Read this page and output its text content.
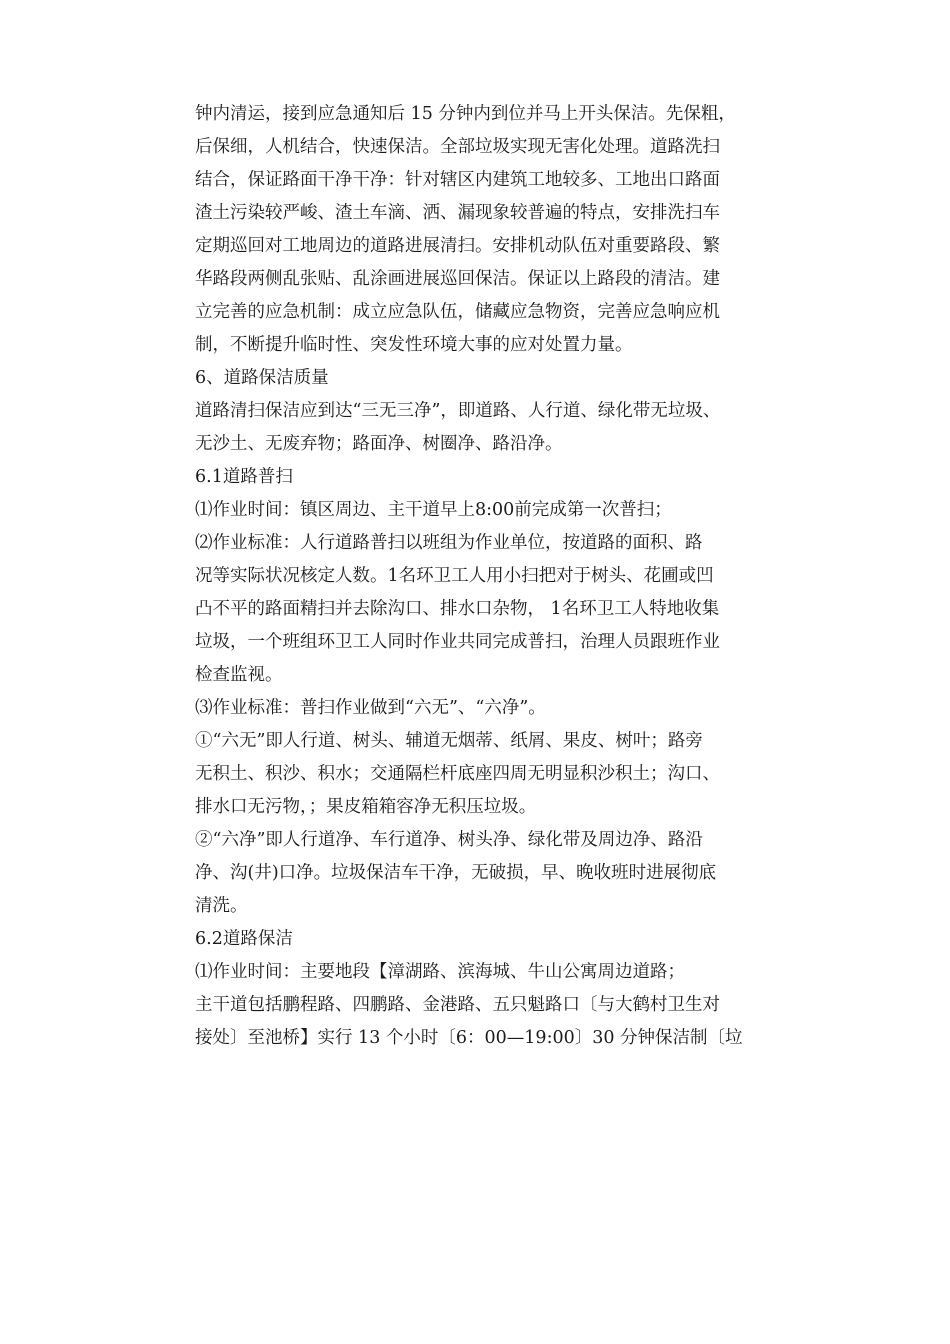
钟内清运，接到应急通知后 15 分钟内到位并马上开头保洁。先保粗，
后保细，人机结合，快速保洁。全部垃圾实现无害化处理。道路洗扫
结合，保证路面干净干净：针对辖区内建筑工地较多、工地出口路面
渣土污染较严峻、渣土车滴、洒、漏现象较普遍的特点，安排洗扫车
定期巡回对工地周边的道路进展清扫。安排机动队伍对重要路段、繁
华路段两侧乱张贴、乱涂画进展巡回保洁。保证以上路段的清洁。建
立完善的应急机制：成立应急队伍，储藏应急物资，完善应急响应机
制，不断提升临时性、突发性环境大事的应对处置力量。
6、道路保洁质量
道路清扫保洁应到达“三无三净”，即道路、人行道、绿化带无垃圾、
无沙土、无废弃物；路面净、树圈净、路沿净。
6.1道路普扫
⑴作业时间：镇区周边、主干道早上8:00前完成第一次普扫；
⑵作业标准：人行道路普扫以班组为作业单位，按道路的面积、路
况等实际状况核定人数。1名环卫工人用小扫把对于树头、花圃或凹
凸不平的路面精扫并去除沟口、排水口杂物， 1名环卫工人特地收集
垃圾，一个班组环卫工人同时作业共同完成普扫，治理人员跟班作业
检查监视。
⑶作业标准：普扫作业做到“六无”、“六净”。
①“六无”即人行道、树头、辅道无烟蒂、纸屑、果皮、树叶；路旁
无积土、积沙、积水；交通隔栏杆底座四周无明显积沙积土；沟口、
排水口无污物，；果皮箱箱容净无积压垃圾。
②“六净”即人行道净、车行道净、树头净、绿化带及周边净、路沿
净、沟(井)口净。垃圾保洁车干净，无破损，早、晚收班时进展彻底
清洗。
6.2道路保洁
⑴作业时间：主要地段【漳湖路、滨海城、牛山公寓周边道路；
主干道包括鹏程路、四鹏路、金港路、五只魁路口〔与大鹤村卫生对
接处〕至池桥】实行 13 个小时〔6：00—19:00〕30 分钟保洁制〔垃
